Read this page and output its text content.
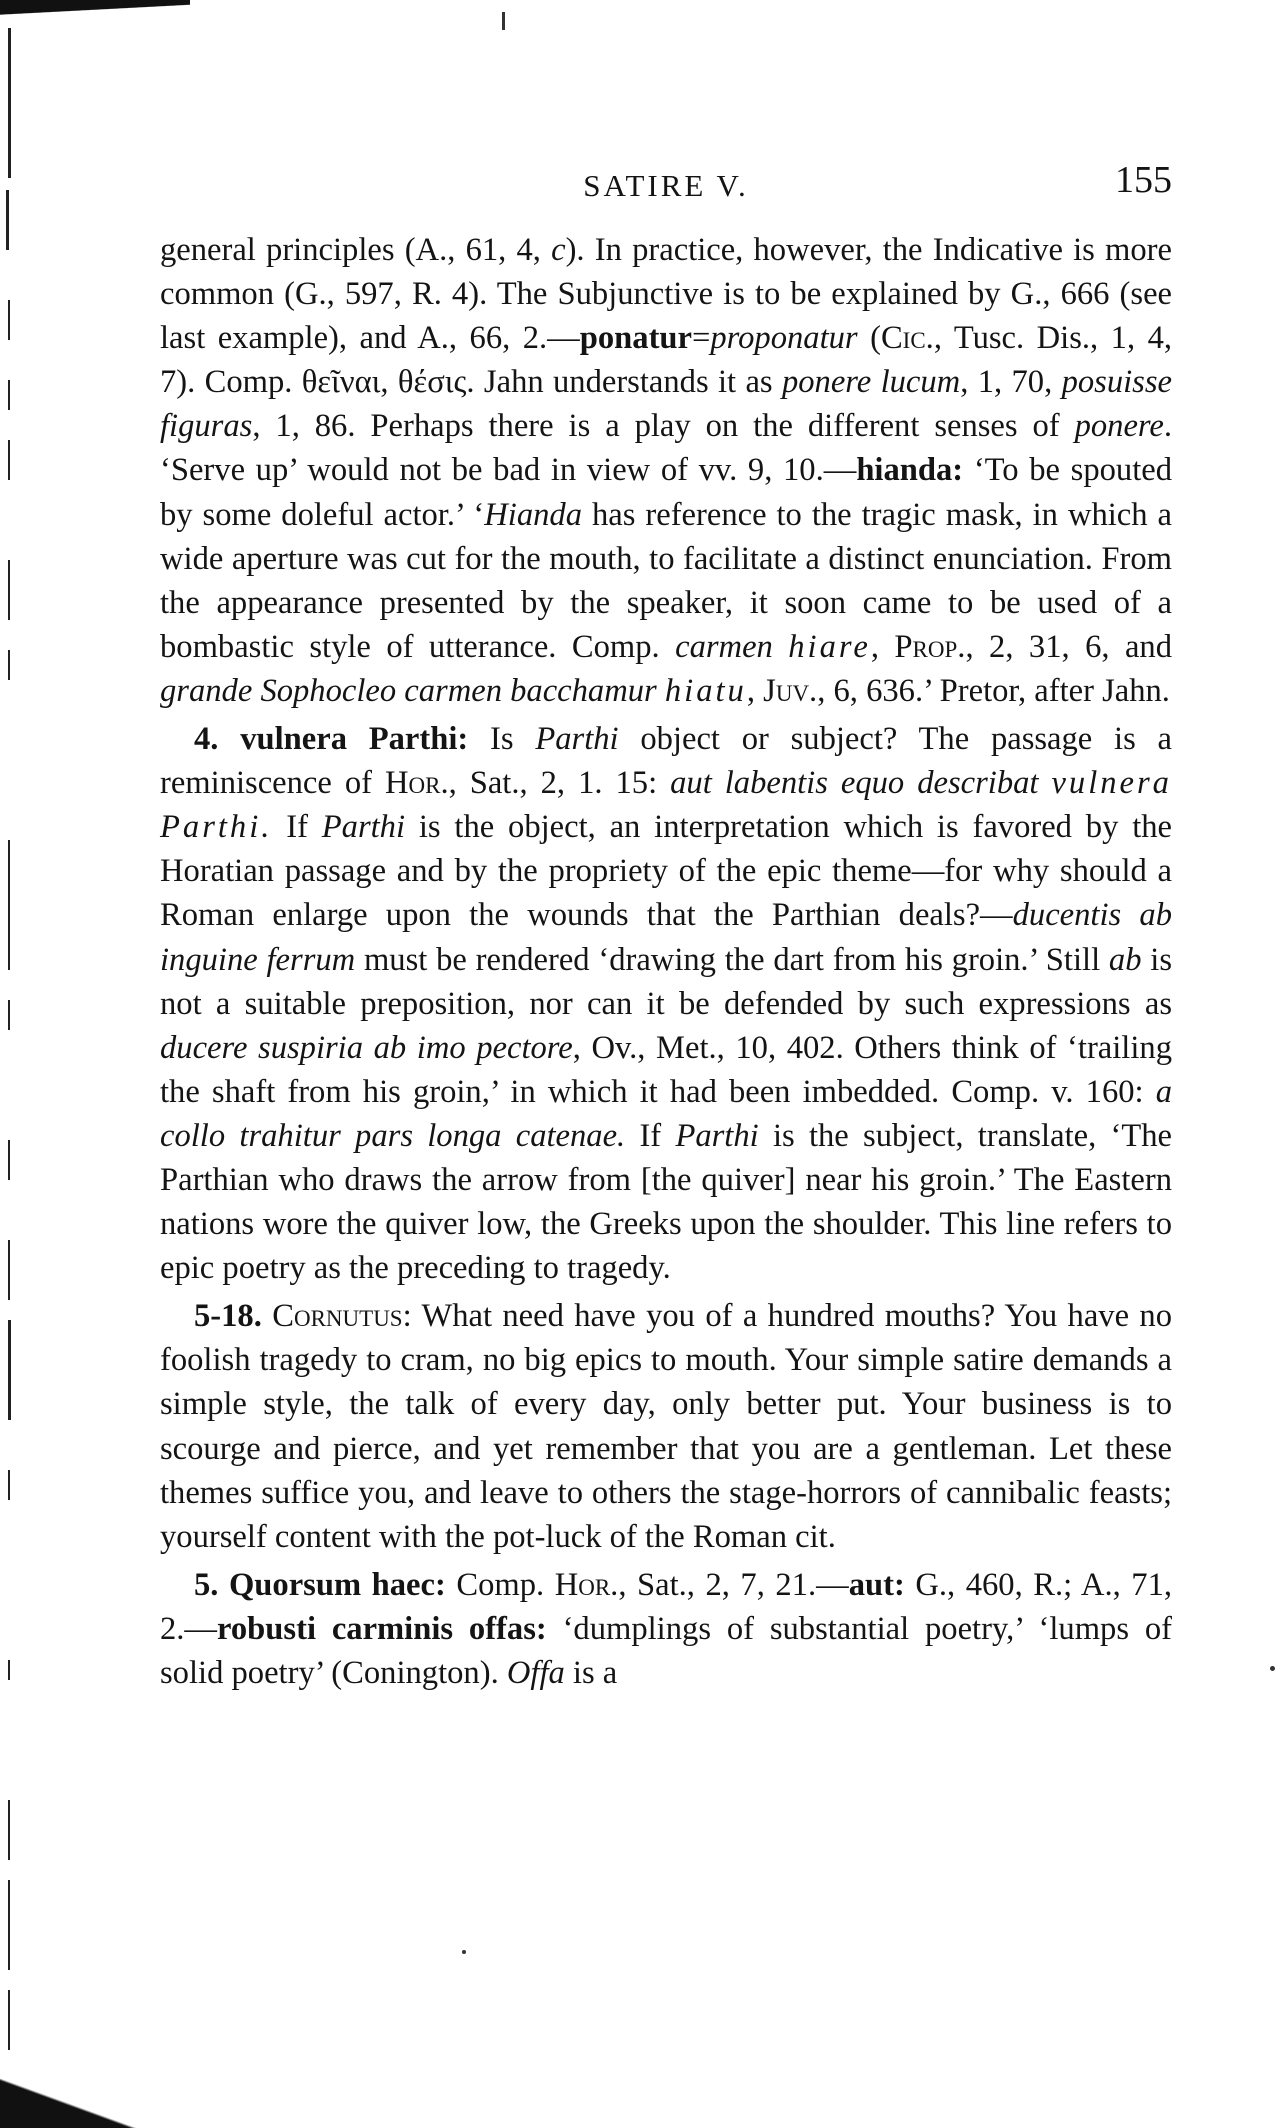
SATIRE V.	155

general principles (A., 61, 4, c). In practice, however, the Indicative is more common (G., 597, R. 4). The Subjunctive is to be explained by G., 666 (see last example), and A., 66, 2.—ponatur=proponatur (Cic., Tusc. Dis., 1, 4, 7). Comp. θεῖναι, θέσις. Jahn understands it as ponere lucum, 1, 70, posuisse figuras, 1, 86. Perhaps there is a play on the different senses of ponere. ‘Serve up’ would not be bad in view of vv. 9, 10.—hianda: ‘To be spouted by some doleful actor.’ ‘Hianda has reference to the tragic mask, in which a wide aperture was cut for the mouth, to facilitate a distinct enunciation. From the appearance presented by the speaker, it soon came to be used of a bombastic style of utterance. Comp. carmen hiare, Prop., 2, 31, 6, and grande Sophocleo carmen bacchamur hiatu, Juv., 6, 636.’ Pretor, after Jahn.

4. vulnera Parthi: Is Parthi object or subject? The passage is a reminiscence of Hor., Sat., 2, 1. 15: aut labentis equo describat vulnera Parthi. If Parthi is the object, an interpretation which is favored by the Horatian passage and by the propriety of the epic theme—for why should a Roman enlarge upon the wounds that the Parthian deals?—ducentis ab inguine ferrum must be rendered ‘drawing the dart from his groin.’ Still ab is not a suitable preposition, nor can it be defended by such expressions as ducere suspiria ab imo pectore, Ov., Met., 10, 402. Others think of ‘trailing the shaft from his groin,’ in which it had been imbedded. Comp. v. 160: a collo trahitur pars longa catenae. If Parthi is the subject, translate, ‘The Parthian who draws the arrow from [the quiver] near his groin.’ The Eastern nations wore the quiver low, the Greeks upon the shoulder. This line refers to epic poetry as the preceding to tragedy.

5-18. Cornutus: What need have you of a hundred mouths? You have no foolish tragedy to cram, no big epics to mouth. Your simple satire demands a simple style, the talk of every day, only better put. Your business is to scourge and pierce, and yet remember that you are a gentleman. Let these themes suffice you, and leave to others the stage-horrors of cannibalic feasts; yourself content with the pot-luck of the Roman cit.

5. Quorsum haec: Comp. Hor., Sat., 2, 7, 21.—aut: G., 460, R.; A., 71, 2.—robusti carminis offas: ‘dumplings of substantial poetry,’ ‘lumps of solid poetry’ (Conington). Offa is a
